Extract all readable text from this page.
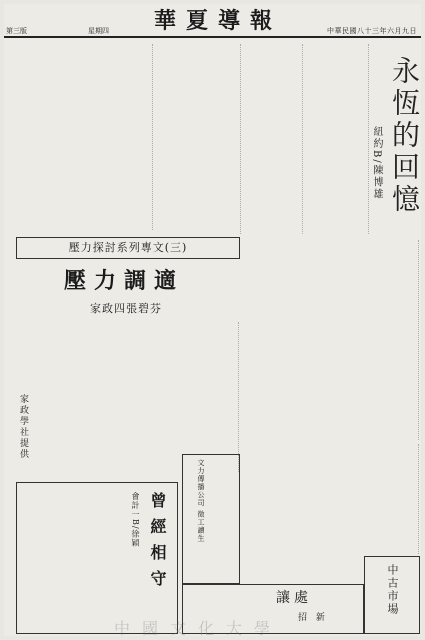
第三版	星期四 華夏導報	中華民國八十三年六月九日
永恆的回憶
紐約B/陳博雄
壓力探討系列專文(三)
壓力調適
家政四張碧芬
家政學社提供
曾經相守
會計一B/徐穎	文力傳播公司 徵工讀生
讓處
招 新
中古市場
中國文化大學
